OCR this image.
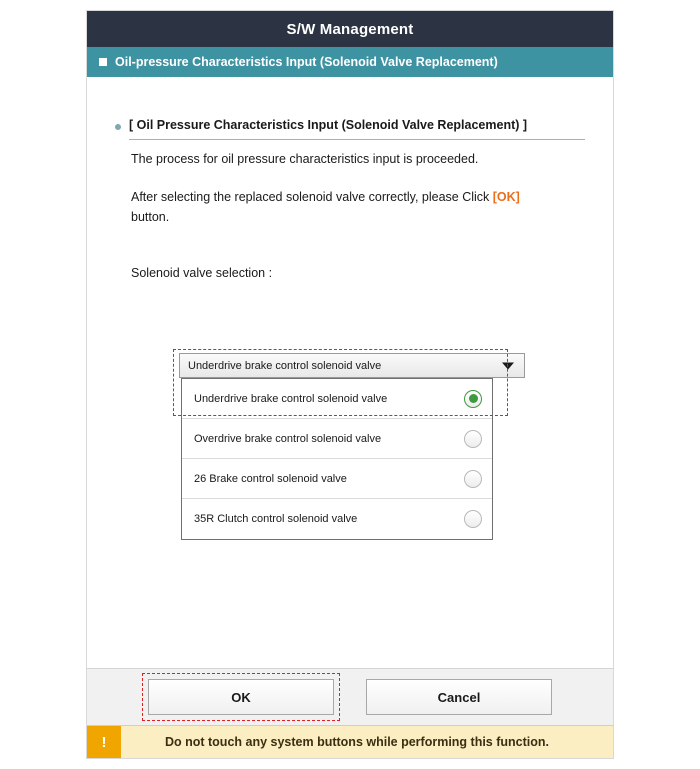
S/W Management
Oil-pressure Characteristics Input (Solenoid Valve Replacement)
[ Oil Pressure Characteristics Input (Solenoid Valve Replacement) ]
The process for oil pressure characteristics input is proceeded.
After selecting the replaced solenoid valve correctly, please Click [OK] button.
Solenoid valve selection :
Underdrive brake control solenoid valve
Underdrive brake control solenoid valve
Overdrive brake control solenoid valve
26 Brake control solenoid valve
35R Clutch control solenoid valve
OK	Cancel
!	Do not touch any system buttons while performing this function.
